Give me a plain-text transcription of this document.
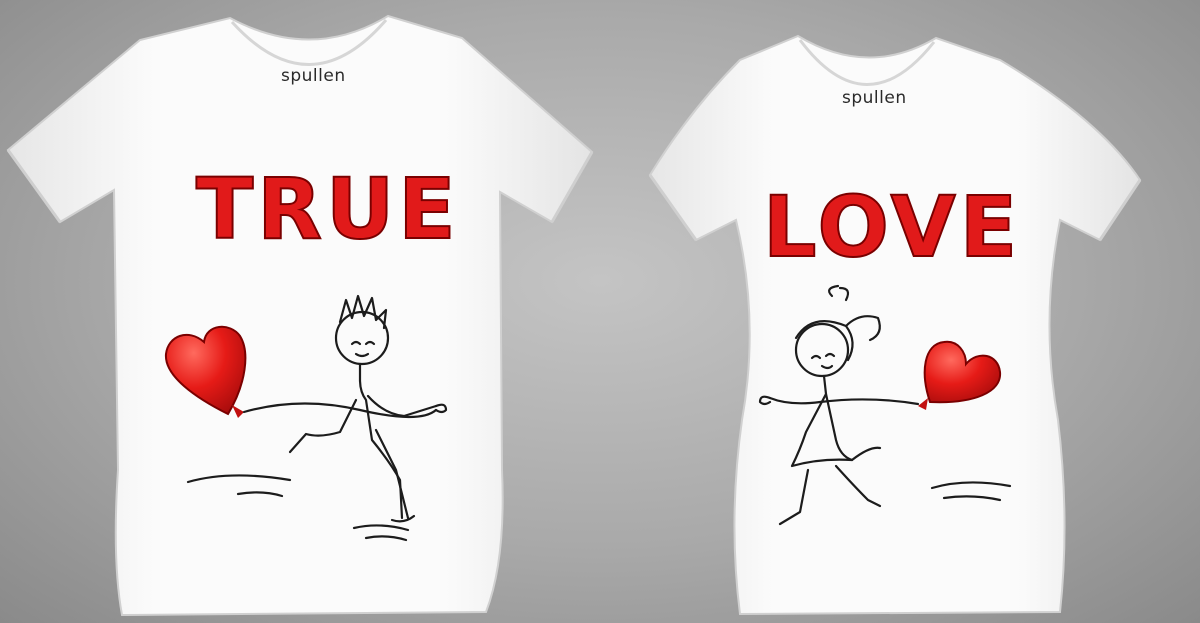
spullen
spullen
TRUE	LOVE
